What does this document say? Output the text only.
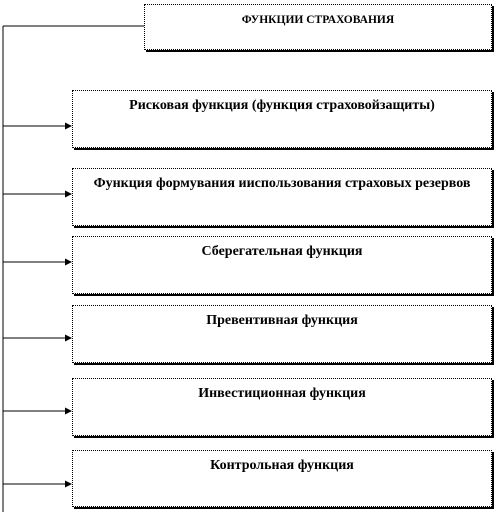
ФУНКЦИИ СТРАХОВАНИЯ
Рисковая функция (функция страховойзащиты)
Функция формувания ииспользования страховых резервов
Сберегательная функция
Превентивная функция
Инвестиционная функция
Контрольная функция
